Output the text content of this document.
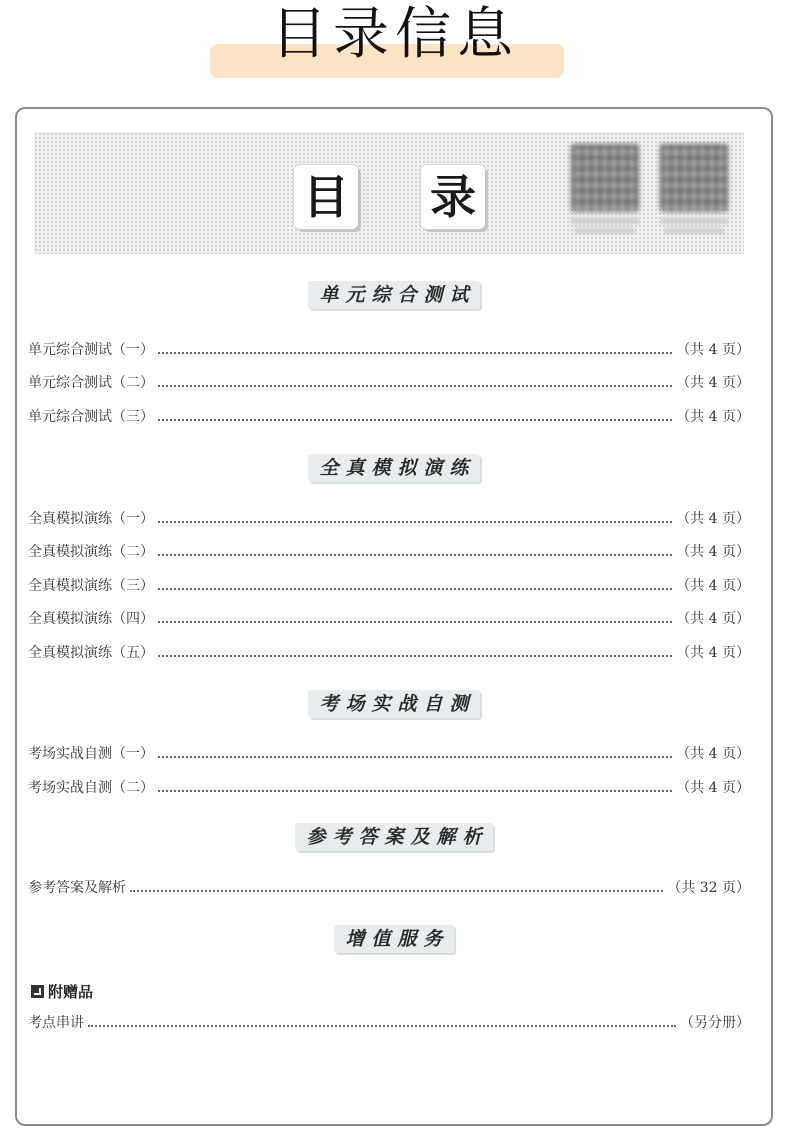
目录信息
目 录
单元综合测试
单元综合测试（一）	（共 4 页）
单元综合测试（二）	（共 4 页）
单元综合测试（三）	（共 4 页）
全真模拟演练
全真模拟演练（一）	（共 4 页）
全真模拟演练（二）	（共 4 页）
全真模拟演练（三）	（共 4 页）
全真模拟演练（四）	（共 4 页）
全真模拟演练（五）	（共 4 页）
考场实战自测
考场实战自测（一）	（共 4 页）
考场实战自测（二）	（共 4 页）
参考答案及解析
参考答案及解析	（共 32 页）
增值服务
附赠品
考点串讲	（另分册）
